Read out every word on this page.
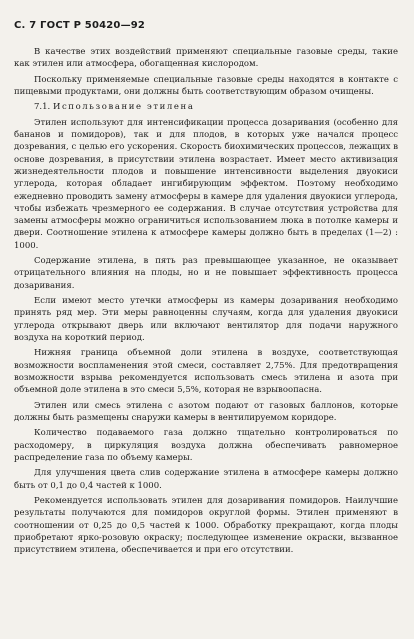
С. 7 ГОСТ Р 50420—92

В качестве этих воздействий применяют специальные газовые среды, такие как этилен или атмосфера, обогащенная кислородом.

Поскольку применяемые специальные газовые среды находятся в контакте с пищевыми продуктами, они должны быть соответствующим образом очищены.

7.1. Использование этилена

Этилен используют для интенсификации процесса дозаривания (особенно для бананов и помидоров), так и для плодов, в которых уже начался процесс дозревания, с целью его ускорения. Скорость биохимических процессов, лежащих в основе дозревания, в присутствии этилена возрастает. Имеет место активизация жизнедеятельности плодов и повышение интенсивности выделения двуокиси углерода, которая обладает ингибирующим эффектом. Поэтому необходимо ежедневно проводить замену атмосферы в камере для удаления двуокиси углерода, чтобы избежать чрезмерного ее содержания. В случае отсутствия устройства для замены атмосферы можно ограничиться использованием люка в потолке камеры и двери. Соотношение этилена к атмосфере камеры должно быть в пределах (1—2) : 1000.

Содержание этилена, в пять раз превышающее указанное, не оказывает отрицательного влияния на плоды, но и не повышает эффективность процесса дозаривания.

Если имеют место утечки атмосферы из камеры дозаривания необходимо принять ряд мер. Эти меры равноценны случаям, когда для удаления двуокиси углерода открывают дверь или включают вентилятор для подачи наружного воздуха на короткий период.

Нижняя граница объемной доли этилена в воздухе, соответствующая возможности воспламенения этой смеси, составляет 2,75%. Для предотвращения возможности взрыва рекомендуется использовать смесь этилена и азота при объемной доле этилена в это смеси 5,5%, которая не взрывоопасна.

Этилен или смесь этилена с азотом подают от газовых баллонов, которые должны быть размещены снаружи камеры в вентилируемом коридоре.

Количество подаваемого газа должно тщательно контролироваться по расходомеру, в циркуляция воздуха должна обеспечивать равномерное распределение газа по объему камеры.

Для улучшения цвета слив содержание этилена в атмосфере камеры должно быть от 0,1 до 0,4 частей к 1000.

Рекомендуется использовать этилен для дозаривания помидоров. Наилучшие результаты получаются для помидоров округлой формы. Этилен применяют в соотношении от 0,25 до 0,5 частей к 1000. Обработку прекращают, когда плоды приобретают ярко-розовую окраску; последующее изменение окраски, вызванное присутствием этилена, обеспечивается и при его отсутствии.
